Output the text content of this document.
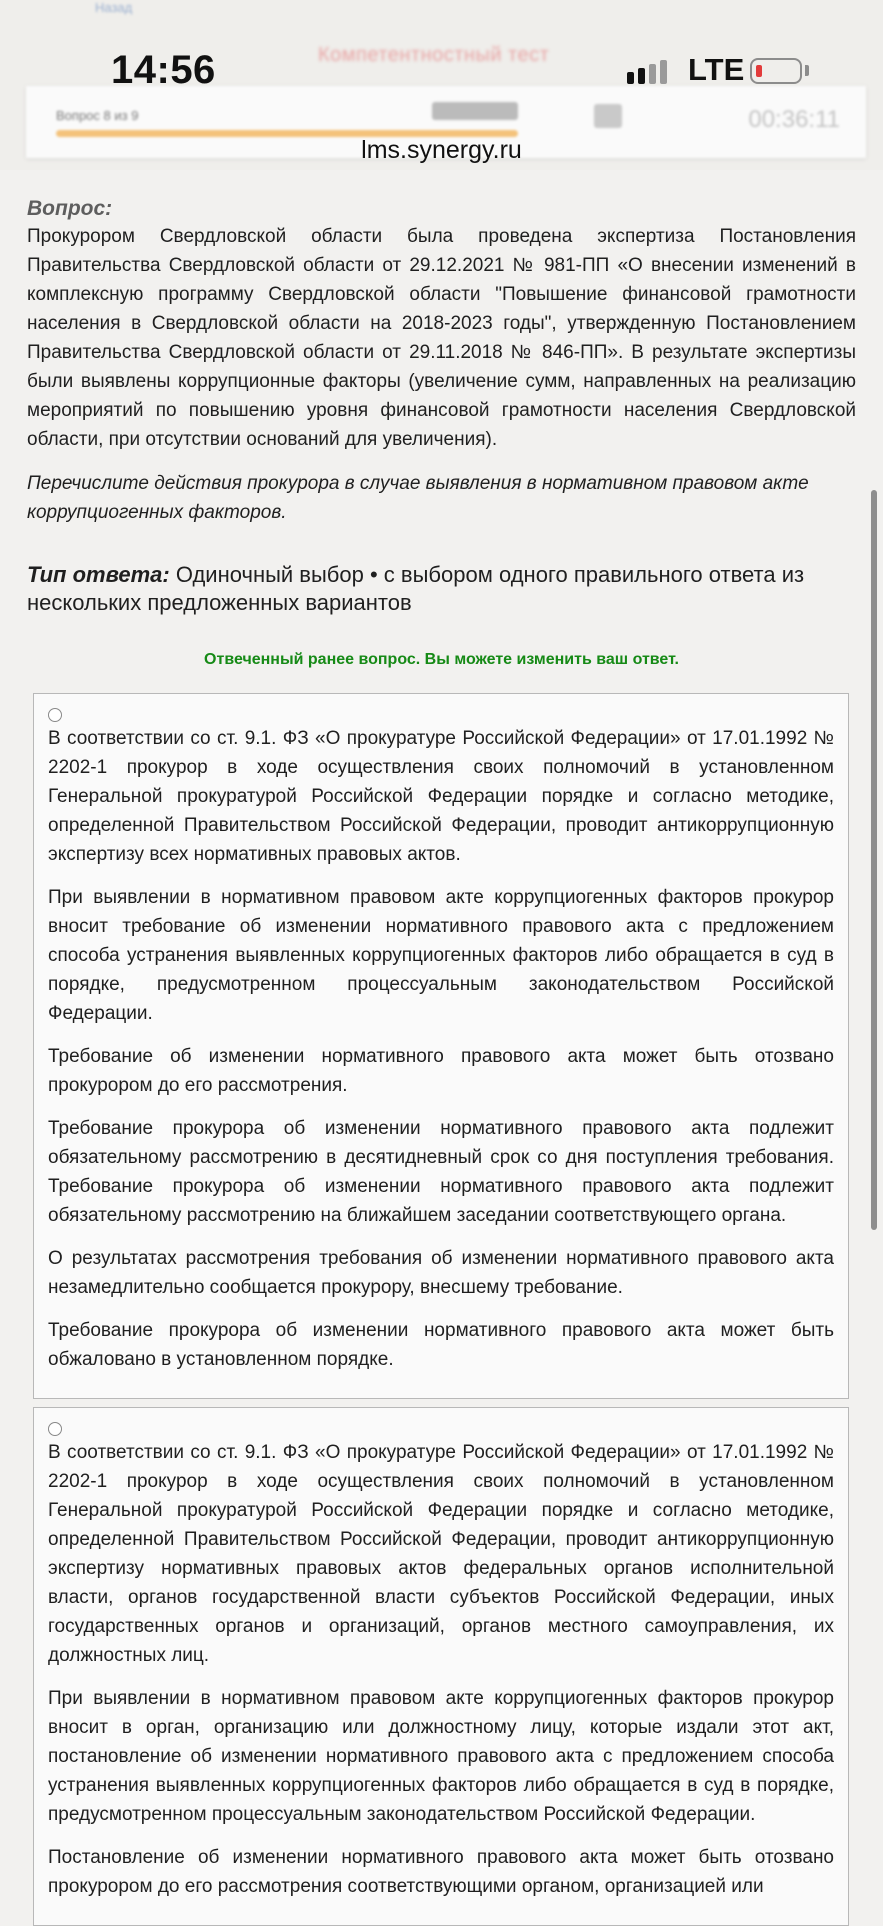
Назад
Компетентностный тест
Вопрос 8 из 9	00:36:11
14:56	LTE
lms.synergy.ru

Вопрос:

Прокурором Свердловской области была проведена экспертиза Постановления Правительства Свердловской области от 29.12.2021 № 981-ПП «О внесении изменений в комплексную программу Свердловской области "Повышение финансовой грамотности населения в Свердловской области на 2018-2023 годы", утвержденную Постановлением Правительства Свердловской области от 29.11.2018 № 846-ПП». В результате экспертизы были выявлены коррупционные факторы (увеличение сумм, направленных на реализацию мероприятий по повышению уровня финансовой грамотности населения Свердловской области, при отсутствии оснований для увеличения).

Перечислите действия прокурора в случае выявления в нормативном правовом акте коррупциогенных факторов.

Тип ответа: Одиночный выбор • с выбором одного правильного ответа из нескольких предложенных вариантов
Отвеченный ранее вопрос. Вы можете изменить ваш ответ.

В соответствии со ст. 9.1. ФЗ «О прокуратуре Российской Федерации» от 17.01.1992 № 2202-1 прокурор в ходе осуществления своих полномочий в установленном Генеральной прокуратурой Российской Федерации порядке и согласно методике, определенной Правительством Российской Федерации, проводит антикоррупционную экспертизу всех нормативных правовых актов.

При выявлении в нормативном правовом акте коррупциогенных факторов прокурор вносит требование об изменении нормативного правового акта с предложением способа устранения выявленных коррупциогенных факторов либо обращается в суд в порядке, предусмотренном процессуальным законодательством Российской Федерации.

Требование об изменении нормативного правового акта может быть отозвано прокурором до его рассмотрения.

Требование прокурора об изменении нормативного правового акта подлежит обязательному рассмотрению в десятидневный срок со дня поступления требования. Требование прокурора об изменении нормативного правового акта подлежит обязательному рассмотрению на ближайшем заседании соответствующего органа.

О результатах рассмотрения требования об изменении нормативного правового акта незамедлительно сообщается прокурору, внесшему требование.

Требование прокурора об изменении нормативного правового акта может быть обжаловано в установленном порядке.

В соответствии со ст. 9.1. ФЗ «О прокуратуре Российской Федерации» от 17.01.1992 № 2202-1 прокурор в ходе осуществления своих полномочий в установленном Генеральной прокуратурой Российской Федерации порядке и согласно методике, определенной Правительством Российской Федерации, проводит антикоррупционную экспертизу нормативных правовых актов федеральных органов исполнительной власти, органов государственной власти субъектов Российской Федерации, иных государственных органов и организаций, органов местного самоуправления, их должностных лиц.

При выявлении в нормативном правовом акте коррупциогенных факторов прокурор вносит в орган, организацию или должностному лицу, которые издали этот акт, постановление об изменении нормативного правового акта с предложением способа устранения выявленных коррупциогенных факторов либо обращается в суд в порядке, предусмотренном процессуальным законодательством Российской Федерации.

Постановление об изменении нормативного правового акта может быть отозвано прокурором до его рассмотрения соответствующими органом, организацией или
